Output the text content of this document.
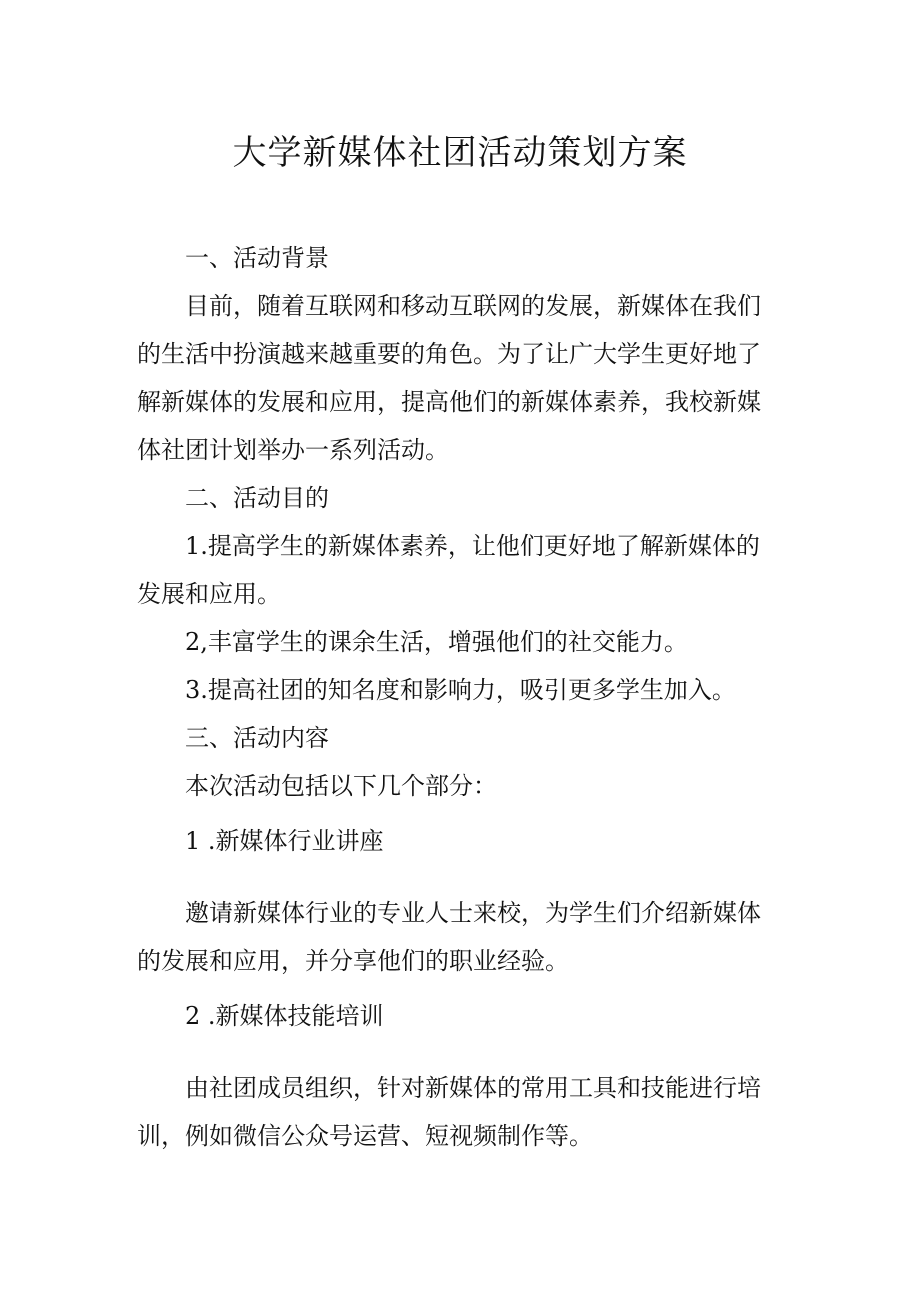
大学新媒体社团活动策划方案

一、活动背景

目前，随着互联网和移动互联网的发展，新媒体在我们

的生活中扮演越来越重要的角色。为了让广大学生更好地了

解新媒体的发展和应用，提高他们的新媒体素养，我校新媒

体社团计划举办一系列活动。

二、活动目的

1.提高学生的新媒体素养，让他们更好地了解新媒体的

发展和应用。

2,丰富学生的课余生活，增强他们的社交能力。

3.提高社团的知名度和影响力，吸引更多学生加入。

三、活动内容

本次活动包括以下几个部分：

1 .新媒体行业讲座

邀请新媒体行业的专业人士来校，为学生们介绍新媒体

的发展和应用，并分享他们的职业经验。

2 .新媒体技能培训

由社团成员组织，针对新媒体的常用工具和技能进行培

训，例如微信公众号运营、短视频制作等。
